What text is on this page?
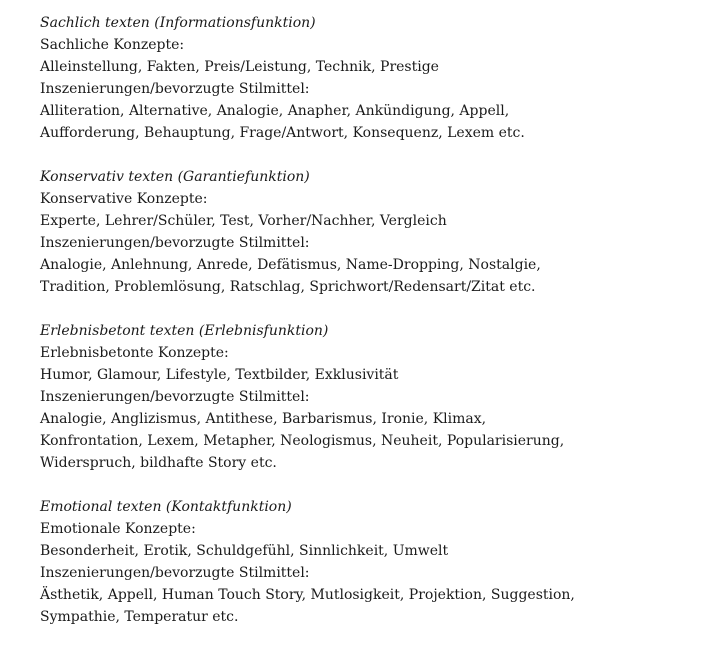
Sachlich texten (Informationsfunktion)
Sachliche Konzepte:
Alleinstellung, Fakten, Preis/Leistung, Technik, Prestige
Inszenierungen/bevorzugte Stilmittel:
Alliteration, Alternative, Analogie, Anapher, Ankündigung, Appell,
Aufforderung, Behauptung, Frage/Antwort, Konsequenz, Lexem etc.
Konservativ texten (Garantiefunktion)
Konservative Konzepte:
Experte, Lehrer/Schüler, Test, Vorher/Nachher, Vergleich
Inszenierungen/bevorzugte Stilmittel:
Analogie, Anlehnung, Anrede, Defätismus, Name-Dropping, Nostalgie,
Tradition, Problemlösung, Ratschlag, Sprichwort/Redensart/Zitat etc.
Erlebnisbetont texten (Erlebnisfunktion)
Erlebnisbetonte Konzepte:
Humor, Glamour, Lifestyle, Textbilder, Exklusivität
Inszenierungen/bevorzugte Stilmittel:
Analogie, Anglizismus, Antithese, Barbarismus, Ironie, Klimax,
Konfrontation, Lexem, Metapher, Neologismus, Neuheit, Popularisierung,
Widerspruch, bildhafte Story etc.
Emotional texten (Kontaktfunktion)
Emotionale Konzepte:
Besonderheit, Erotik, Schuldgefühl, Sinnlichkeit, Umwelt
Inszenierungen/bevorzugte Stilmittel:
Ästhetik, Appell, Human Touch Story, Mutlosigkeit, Projektion, Suggestion,
Sympathie, Temperatur etc.
